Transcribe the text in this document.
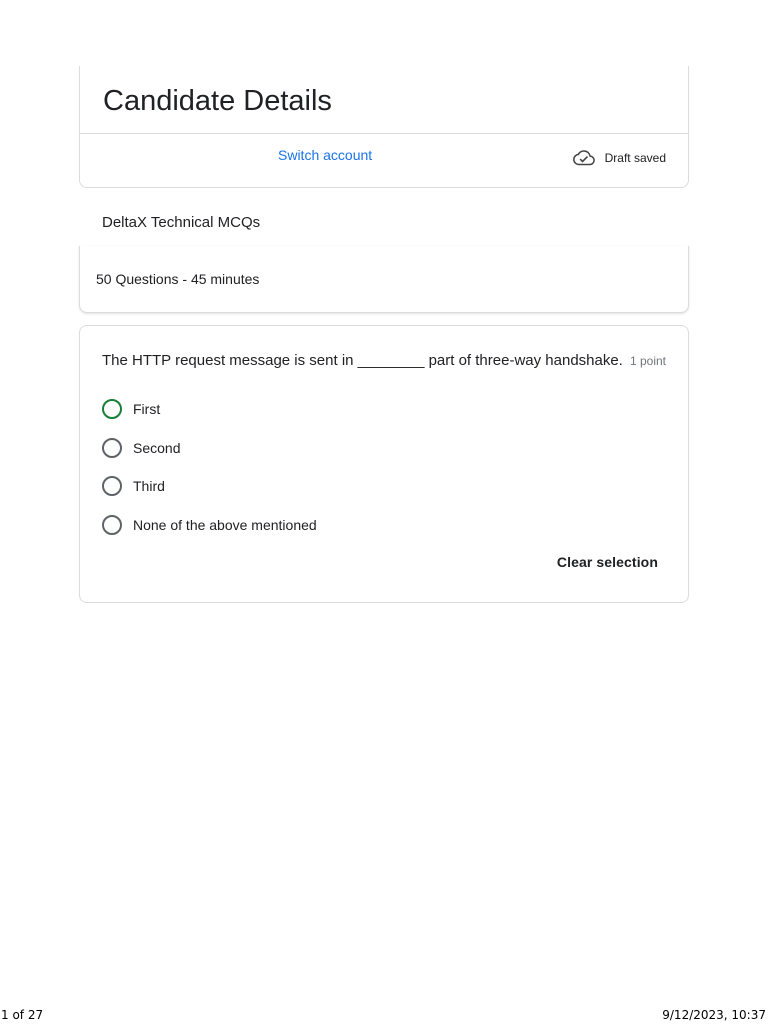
Candidate Details
Switch account	Draft saved
DeltaX Technical MCQs
50 Questions - 45 minutes
The HTTP request message is sent in ________ part of three-way handshake. 1 point
First
Second
Third
None of the above mentioned
Clear selection
1 of 27	9/12/2023, 10:37
